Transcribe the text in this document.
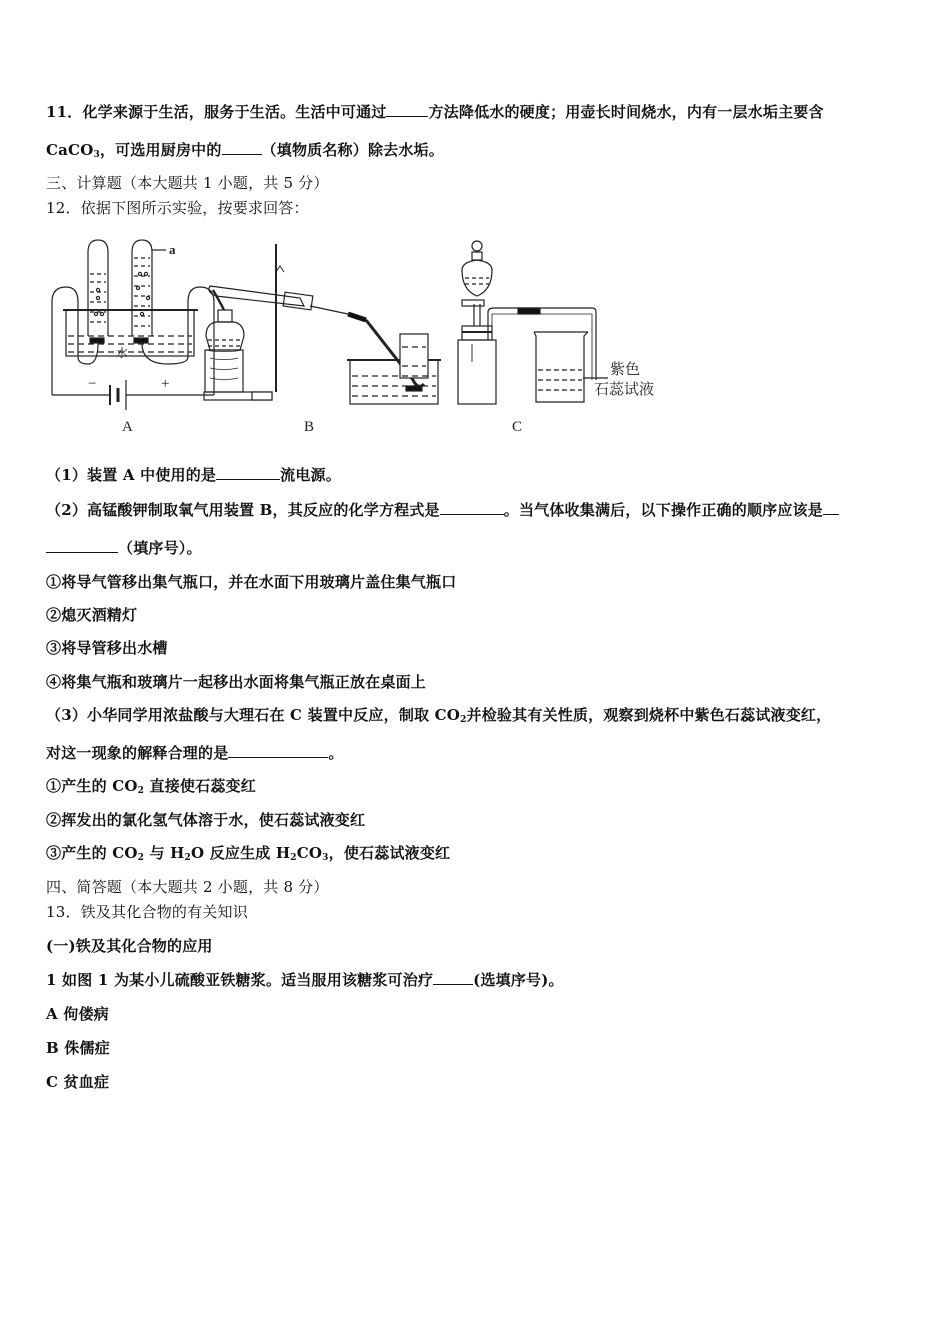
11．化学来源于生活，服务于生活。生活中可通过	方法降低水的硬度；用壶长时间烧水，内有一层水垢主要含
CaCO$_3$，可选用厨房中的	（填物质名称）除去水垢。
三、计算题（本大题共 1 小题，共 5 分）
12．依据下图所示实验，按要求回答：
a
水
−	+
A	B	C
紫色
石蕊试液
（1）装置 A 中使用的是	流电源。
（2）高锰酸钾制取氧气用装置 B，其反应的化学方程式是	。当气体收集满后，以下操作正确的顺序应该是
（填序号）。
①将导气管移出集气瓶口，并在水面下用玻璃片盖住集气瓶口
②熄灭酒精灯
③将导管移出水槽
④将集气瓶和玻璃片一起移出水面将集气瓶正放在桌面上
（3）小华同学用浓盐酸与大理石在 C 装置中反应，制取 $CO_2$并检验其有关性质，观察到烧杯中紫色石蕊试液变红，
对这一现象的解释合理的是	。
①产生的 $CO_2$ 直接使石蕊变红
②挥发出的氯化氢气体溶于水，使石蕊试液变红
③产生的 $CO_2$ 与 $H_2O$ 反应生成 $H_2CO_3$，使石蕊试液变红
四、简答题（本大题共 2 小题，共 8 分）
13．铁及其化合物的有关知识
(一)铁及其化合物的应用
1 如图 1 为某小儿硫酸亚铁糖浆。适当服用该糖浆可治疗	(选填序号)。
A 佝偻病
B 侏儒症
C 贫血症
